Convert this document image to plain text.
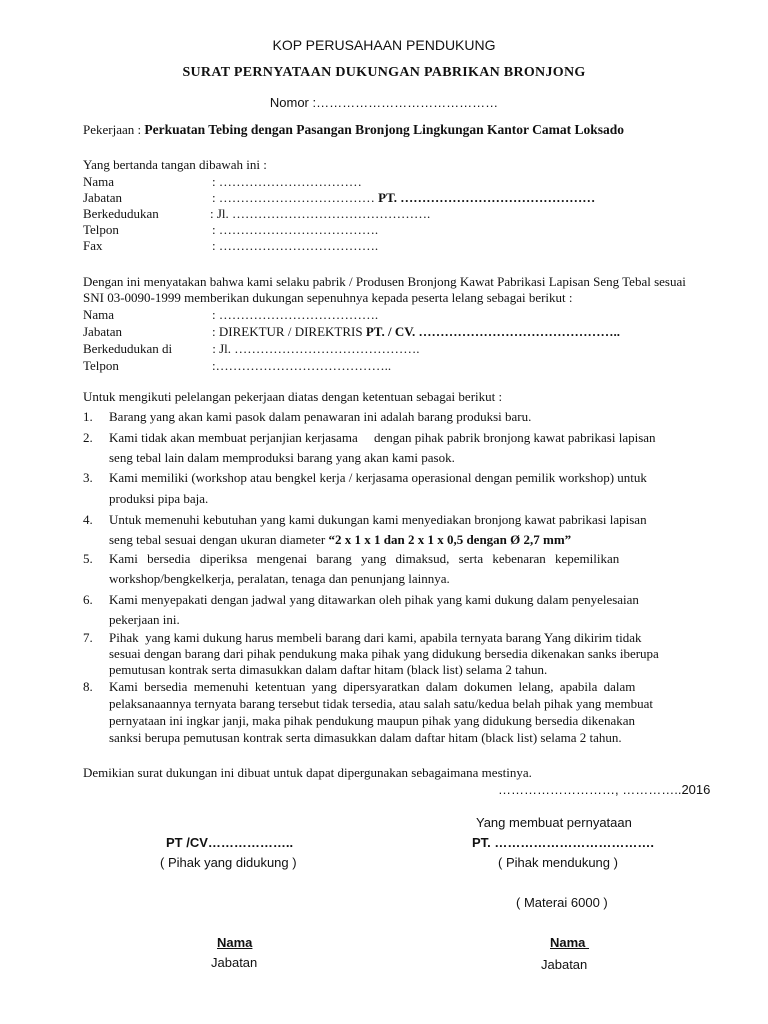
KOP PERUSAHAAN PENDUKUNG
SURAT PERNYATAAN DUKUNGAN PABRIKAN BRONJONG
Nomor :……………………………………
Pekerjaan : Perkuatan Tebing dengan Pasangan Bronjong Lingkungan Kantor Camat Loksado
Yang bertanda tangan dibawah ini :
Nama	: ……………………………
Jabatan	: ……………………………… PT. ………………………………………
Berkedudukan	: Jl. ……………………………………….
Telpon	: ……………………………….
Fax	: ……………………………….
Dengan ini menyatakan bahwa kami selaku pabrik / Produsen Bronjong Kawat Pabrikasi Lapisan Seng Tebal sesuai
SNI 03-0090-1999 memberikan dukungan sepenuhnya kepada peserta lelang sebagai berikut :
Nama	: ……………………………….
Jabatan	: DIREKTUR / DIREKTRIS PT. / CV. ………………………………………..
Berkedudukan di	: Jl. …………………………………….
Telpon	:…………………………………..
Untuk mengikuti pelelangan pekerjaan diatas dengan ketentuan sebagai berikut :
1. Barang yang akan kami pasok dalam penawaran ini adalah barang produksi baru.
2. Kami tidak akan membuat perjanjian kerjasama     dengan pihak pabrik bronjong kawat pabrikasi lapisan
seng tebal lain dalam memproduksi barang yang akan kami pasok.
3. Kami memiliki (workshop atau bengkel kerja / kerjasama operasional dengan pemilik workshop) untuk
produksi pipa baja.
4. Untuk memenuhi kebutuhan yang kami dukungan kami menyediakan bronjong kawat pabrikasi lapisan
seng tebal sesuai dengan ukuran diameter “2 x 1 x 1 dan 2 x 1 x 0,5 dengan Ø 2,7 mm”
5. Kami bersedia diperiksa mengenai barang yang dimaksud, serta kebenaran kepemilikan
workshop/bengkelkerja, peralatan, tenaga dan penunjang lainnya.
6. Kami menyepakati dengan jadwal yang ditawarkan oleh pihak yang kami dukung dalam penyelesaian
pekerjaan ini.
7. Pihak  yang kami dukung harus membeli barang dari kami, apabila ternyata barang Yang dikirim tidak
sesuai dengan barang dari pihak pendukung maka pihak yang didukung bersedia dikenakan sanks iberupa
pemutusan kontrak serta dimasukkan dalam daftar hitam (black list) selama 2 tahun.
8. Kami bersedia memenuhi ketentuan yang dipersyaratkan dalam dokumen lelang, apabila dalam
pelaksanaannya ternyata barang tersebut tidak tersedia, atau salah satu/kedua belah pihak yang membuat
pernyataan ini ingkar janji, maka pihak pendukung maupun pihak yang didukung bersedia dikenakan
sanksi berupa pemutusan kontrak serta dimasukkan dalam daftar hitam (black list) selama 2 tahun.
Demikian surat dukungan ini dibuat untuk dapat dipergunakan sebagaimana mestinya.
………………………, …………..2016
Yang membuat pernyataan
PT /CV………………..
( Pihak yang didukung )
Nama
Jabatan
PT. ……………………………….
( Pihak mendukung )
( Materai 6000 )
Nama
Jabatan
